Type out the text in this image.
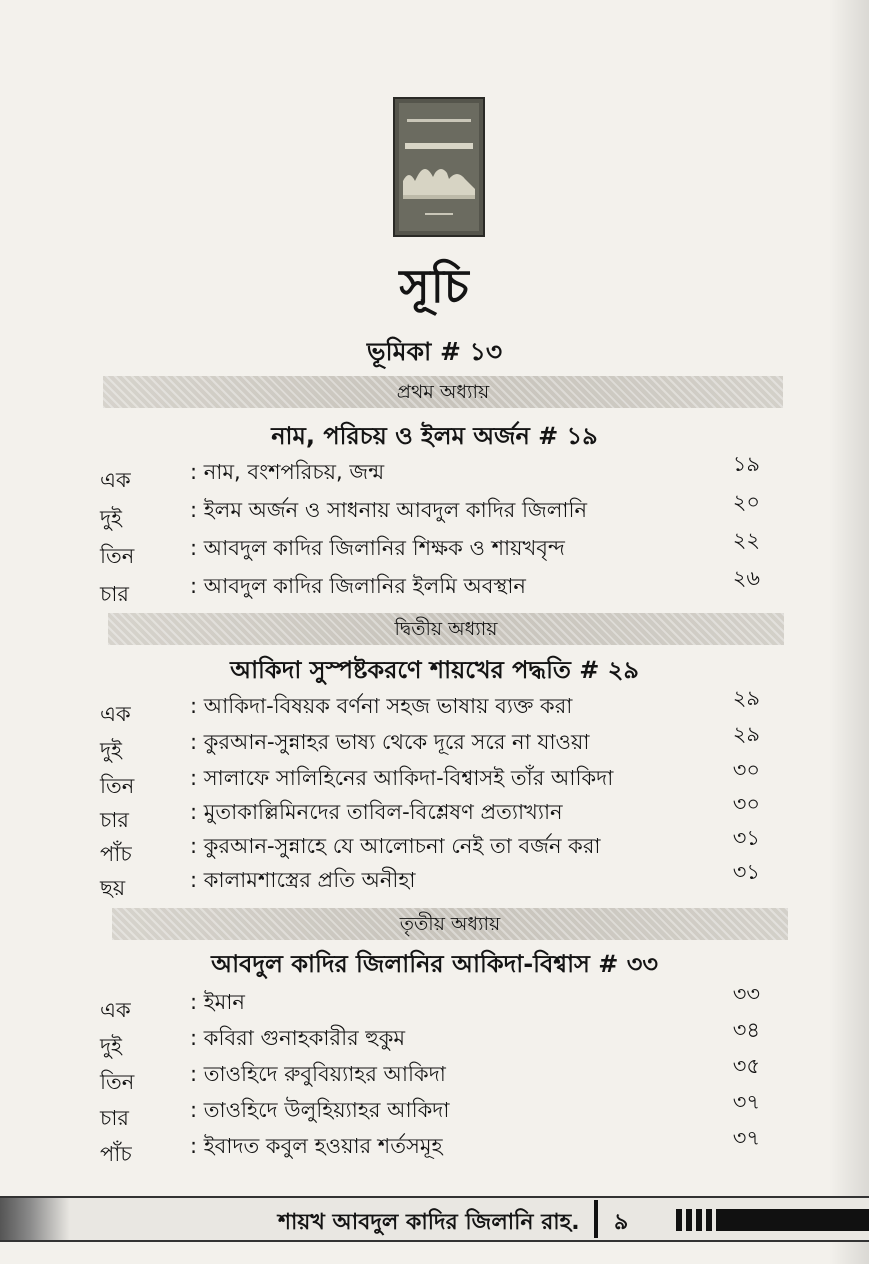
সূচি
ভূমিকা # ১৩
প্রথম অধ্যায়
নাম, পরিচয় ও ইলম অর্জন # ১৯
এক	: নাম, বংশপরিচয়, জন্ম	১৯
দুই	: ইলম অর্জন ও সাধনায় আবদুল কাদির জিলানি	২০
তিন	: আবদুল কাদির জিলানির শিক্ষক ও শায়খবৃন্দ	২২
চার	: আবদুল কাদির জিলানির ইলমি অবস্থান	২৬
দ্বিতীয় অধ্যায়
আকিদা সুস্পষ্টকরণে শায়খের পদ্ধতি # ২৯
এক	: আকিদা-বিষয়ক বর্ণনা সহজ ভাষায় ব্যক্ত করা	২৯
দুই	: কুরআন-সুন্নাহর ভাষ্য থেকে দূরে সরে না যাওয়া	২৯
তিন	: সালাফে সালিহিনের আকিদা-বিশ্বাসই তাঁর আকিদা	৩০
চার	: মুতাকাল্লিমিনদের তাবিল-বিশ্লেষণ প্রত্যাখ্যান	৩০
পাঁচ	: কুরআন-সুন্নাহে যে আলোচনা নেই তা বর্জন করা	৩১
ছয়	: কালামশাস্ত্রের প্রতি অনীহা	৩১
তৃতীয় অধ্যায়
আবদুল কাদির জিলানির আকিদা-বিশ্বাস # ৩৩
এক	: ইমান	৩৩
দুই	: কবিরা গুনাহকারীর হুকুম	৩৪
তিন	: তাওহিদে রুবুবিয়্যাহর আকিদা	৩৫
চার	: তাওহিদে উলুহিয়্যাহর আকিদা	৩৭
পাঁচ	: ইবাদত কবুল হওয়ার শর্তসমূহ	৩৭
শায়খ আবদুল কাদির জিলানি রাহ. ৯
